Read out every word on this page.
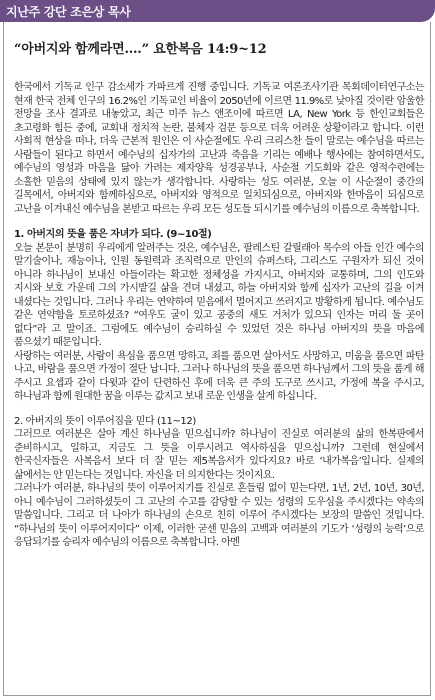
지난주 강단 조은상 목사
“아버지와 함께라면….” 요한복음 14:9~12

한국에서 기독교 인구 감소세가 가파르게 진행 중입니다. 기독교 여론조사기관 목회데이터연구소는 현재 한국 전체 인구의 16.2%인 기독교인 비율이 2050년에 이르면 11.9%로 낮아질 것이란 암울한 전망을 조사 결과로 내놓았고, 최근 미주 뉴스 앤조이에 따르면 LA, New York 등 한인교회들은 초고령화 힘든 중에, 교회내 정치적 논란, 불체자 검문 등으로 더욱 어려운 상황이라고 합니다. 이런 사회적 현상을 떠나, 더욱 근본적 원인은 이 사순절에도 우리 크리스찬 들이 말로는 예수님을 따르는 사람들이 된다고 하면서 예수님의 십자가의 고난과 죽음을 기리는 예배나 행사에는 참여하면서도, 예수님의 영성과 마음을 닮아 가려는 제자양육 성경공부나, 사순절 기도회와 같은 영적수련에는 소홀한 믿음의 상태에 있지 않는가 생각합니다. 사랑하는 성도 여러분, 오늘 이 사순절이 중간의 길목에서, 아버지와 함께하심으로, 아버지와 영적으로 일치되심으로, 아버지와 한마음이 되심으로 고난을 이겨내신 예수님을 본받고 따르는 우리 모든 성도들 되시기를 예수님의 이름으로 축복합니다.

1. 아버지의 뜻을 품은 자녀가 되다. (9~10절)

오늘 본문이 분명히 우리에게 알려주는 것은, 예수님은, 팔레스틴 갈릴래아 목수의 아들 인간 예수의 말기술이나, 재능이나, 인원 동원력과 조직력으로 만인의 슈퍼스타, 그리스도 구원자가 되신 것이 아니라 하나님이 보내신 아들이라는 확고한 정체성을 가지시고, 아버지와 교통하며, 그의 인도와 지시와 보호 가운데 그의 가시밭길 삶을 견뎌 내셨고, 하늘 아버지와 함께 십자가 고난의 길을 이겨 내셨다는 것입니다. 그러나 우리는 연약하여 믿음에서 멀어지고 쓰러지고 방황하게 됩니다. 예수님도 같은 연약함을 토로하셨죠? “여우도 굴이 있고 공중의 새도 거처가 있으되 인자는 머리 둘 곳이 없다”라 고 말이죠. 그럼에도 예수님이 승리하실 수 있었던 것은 하나님 아버지의 뜻을 마음에 품으셨기 때문입니다.

사랑하는 여러분, 사람이 욕심을 품으면 망하고, 죄를 품으면 살아서도 사망하고, 미움을 품으면 파탄 나고, 바람을 품으면 가정이 절단 납니다. 그러나 하나님의 뜻을 품으면 하나님께서 그의 뜻을 품게 해 주시고 요셉과 같이 다윗과 같이 단련하신 후에 더욱 큰 주의 도구로 쓰시고, 가정에 복을 주시고, 하나님과 함께 원대한 꿈을 이루는 값지고 보내 로운 인생을 살게 하십니다.

2. 아버지의 뜻이 이루어짐을 믿다 (11~12)

그러므로 여러분은 살아 계신 하나님을 믿으십니까? 하나님이 진실로 여러분의 삶의 한복판에서 준비하시고, 일하고, 지금도 그 뜻을 이루시려고 역사하심을 믿으십니까? 그런데 현실에서 한국신자들은 사복음서 보다 더 잘 믿는 제5복음서가 있다지요? 바로 ‘내가복음’입니다. 실제의 삶에서는 안 믿는다는 것입니다. 자신을 더 의지한다는 것이지요.

그러나가 여러분, 하나님의 뜻이 이루어지기를 진실로 흔들림 없이 믿는다면, 1년, 2년, 10년, 30년, 아니 예수님이 그러하셨듯이 그 고난의 수고를 감당할 수 있는 성령의 도우심을 주시겠다는 약속의 말씀입니다. 그리고 더 나아가 하나님의 손으로 친히 이루어 주시겠다는 보장의 말씀인 것입니다. “하나님의 뜻이 이루어지이다” 이제, 이러한 굳센 믿음의 고백과 여러분의 기도가 ‘성령의 능력’으로 응답되기를 승리자 예수님의 이름으로 축복합니다. 아멘
